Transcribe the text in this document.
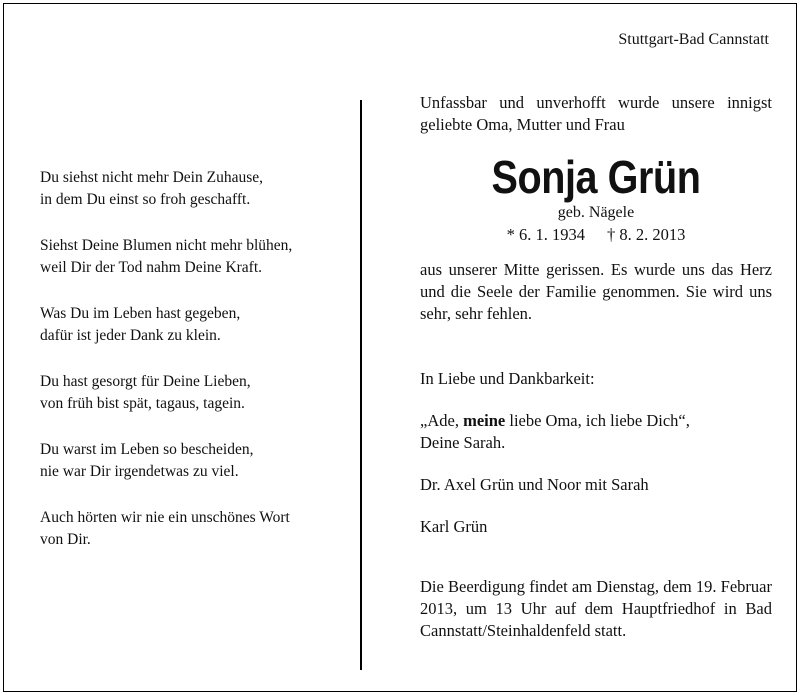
Stuttgart-Bad Cannstatt
Du siehst nicht mehr Dein Zuhause,
in dem Du einst so froh geschafft.
Siehst Deine Blumen nicht mehr blühen,
weil Dir der Tod nahm Deine Kraft.
Was Du im Leben hast gegeben,
dafür ist jeder Dank zu klein.
Du hast gesorgt für Deine Lieben,
von früh bist spät, tagaus, tagein.
Du warst im Leben so bescheiden,
nie war Dir irgendetwas zu viel.
Auch hörten wir nie ein unschönes Wort
von Dir.
Unfassbar und unverhofft wurde unsere innigst geliebte Oma, Mutter und Frau
Sonja Grün
geb. Nägele
* 6. 1. 1934 † 8. 2. 2013
aus unserer Mitte gerissen. Es wurde uns das Herz und die Seele der Familie genommen. Sie wird uns sehr, sehr fehlen.
In Liebe und Dankbarkeit:
„Ade, meine liebe Oma, ich liebe Dich“,
Deine Sarah.
Dr. Axel Grün und Noor mit Sarah
Karl Grün
Die Beerdigung findet am Dienstag, dem 19. Februar 2013, um 13 Uhr auf dem Hauptfriedhof in Bad Cannstatt/Steinhaldenfeld statt.
